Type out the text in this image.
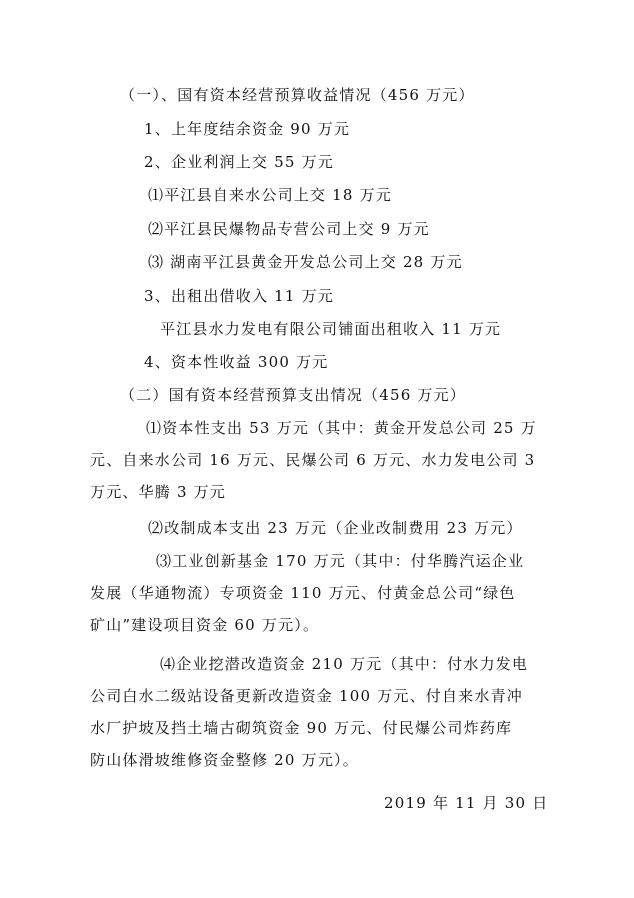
（一）、国有资本经营预算收益情况（456 万元）
1、上年度结余资金 90 万元
2、企业利润上交 55 万元
⑴平江县自来水公司上交 18 万元
⑵平江县民爆物品专营公司上交 9 万元
⑶ 湖南平江县黄金开发总公司上交 28 万元
3、出租出借收入 11 万元
平江县水力发电有限公司铺面出租收入 11 万元
4、资本性收益 300 万元
（二）国有资本经营预算支出情况（456 万元）
⑴资本性支出 53 万元（其中：黄金开发总公司 25 万
元、自来水公司 16 万元、民爆公司 6 万元、水力发电公司 3
万元、华腾 3 万元
⑵改制成本支出 23 万元（企业改制费用 23 万元）
⑶工业创新基金 170 万元（其中：付华腾汽运企业
发展（华通物流）专项资金 110 万元、付黄金总公司“绿色
矿山”建设项目资金 60 万元）。
⑷企业挖潜改造资金 210 万元（其中：付水力发电
公司白水二级站设备更新改造资金 100 万元、付自来水青冲
水厂护坡及挡土墙古砌筑资金 90 万元、付民爆公司炸药库
防山体滑坡维修资金整修 20 万元）。
2019 年 11 月 30 日
